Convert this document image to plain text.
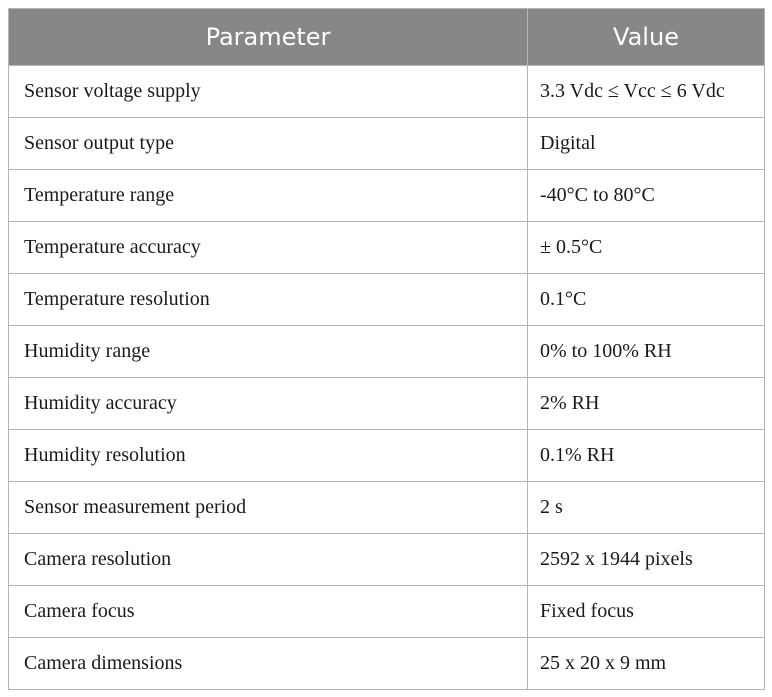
Parameter	Value
Sensor voltage supply	3.3 Vdc ≤ Vcc ≤ 6 Vdc
Sensor output type	Digital
Temperature range	-40°C to 80°C
Temperature accuracy	± 0.5°C
Temperature resolution	0.1°C
Humidity range	0% to 100% RH
Humidity accuracy	2% RH
Humidity resolution	0.1% RH
Sensor measurement period	2 s
Camera resolution	2592 x 1944 pixels
Camera focus	Fixed focus
Camera dimensions	25 x 20 x 9 mm
